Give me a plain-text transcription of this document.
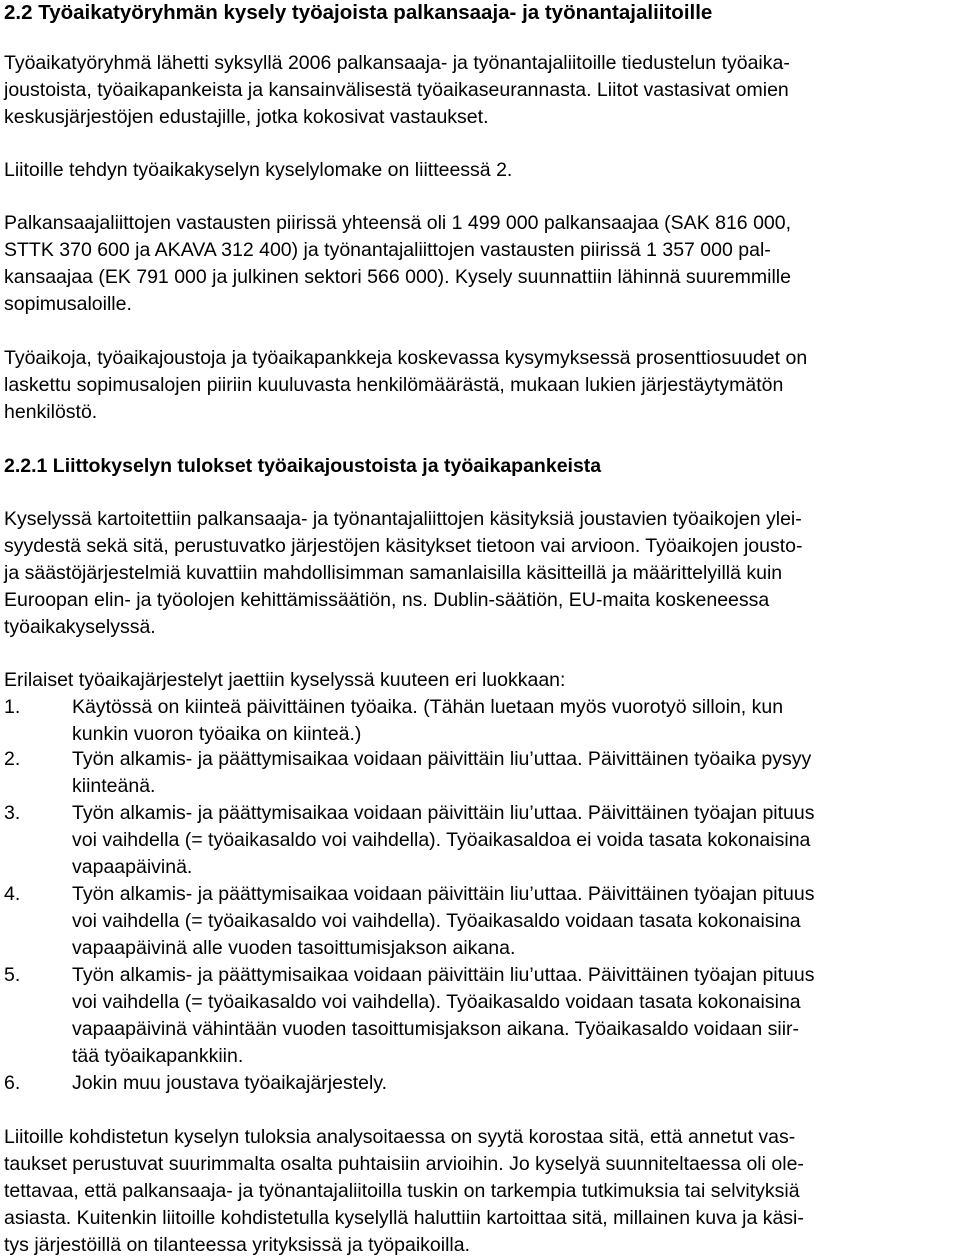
2.2 Työaikatyöryhmän kysely työajoista palkansaaja- ja työnantajaliitoille
Työaikatyöryhmä lähetti syksyllä 2006 palkansaaja- ja työnantajaliitoille tiedustelun työaika-
joustoista, työaikapankeista ja kansainvälisestä työaikaseurannasta. Liitot vastasivat omien
keskusjärjestöjen edustajille, jotka kokosivat vastaukset.
Liitoille tehdyn työaikakyselyn kyselylomake on liitteessä 2.
Palkansaajaliittojen vastausten piirissä yhteensä oli 1 499 000 palkansaajaa (SAK 816 000,
STTK 370 600 ja AKAVA 312 400) ja työnantajaliittojen vastausten piirissä 1 357 000 pal-
kansaajaa (EK 791 000 ja julkinen sektori 566 000). Kysely suunnattiin lähinnä suuremmille
sopimusaloille.
Työaikoja, työaikajoustoja ja työaikapankkeja koskevassa kysymyksessä prosenttiosuudet on
laskettu sopimusalojen piiriin kuuluvasta henkilömäärästä, mukaan lukien järjestäytymätön
henkilöstö.
2.2.1 Liittokyselyn tulokset työaikajoustoista ja työaikapankeista
Kyselyssä kartoitettiin palkansaaja- ja työnantajaliittojen käsityksiä joustavien työaikojen ylei-
syydestä sekä sitä, perustuvatko järjestöjen käsitykset tietoon vai arvioon. Työaikojen jousto-
ja säästöjärjestelmiä kuvattiin mahdollisimman samanlaisilla käsitteillä ja määrittelyillä kuin
Euroopan elin- ja työolojen kehittämissäätiön, ns. Dublin-säätiön, EU-maita koskeneessa
työaikakyselyssä.
Erilaiset työaikajärjestelyt jaettiin kyselyssä kuuteen eri luokkaan:
1.	Käytössä on kiinteä päivittäinen työaika. (Tähän luetaan myös vuorotyö silloin, kun
kunkin vuoron työaika on kiinteä.)
2.	Työn alkamis- ja päättymisaikaa voidaan päivittäin liu’uttaa. Päivittäinen työaika pysyy
kiinteänä.
3.	Työn alkamis- ja päättymisaikaa voidaan päivittäin liu’uttaa. Päivittäinen työajan pituus
voi vaihdella (= työaikasaldo voi vaihdella). Työaikasaldoa ei voida tasata kokonaisina
vapaapäivinä.
4.	Työn alkamis- ja päättymisaikaa voidaan päivittäin liu’uttaa. Päivittäinen työajan pituus
voi vaihdella (= työaikasaldo voi vaihdella). Työaikasaldo voidaan tasata kokonaisina
vapaapäivinä alle vuoden tasoittumisjakson aikana.
5.	Työn alkamis- ja päättymisaikaa voidaan päivittäin liu’uttaa. Päivittäinen työajan pituus
voi vaihdella (= työaikasaldo voi vaihdella). Työaikasaldo voidaan tasata kokonaisina
vapaapäivinä vähintään vuoden tasoittumisjakson aikana. Työaikasaldo voidaan siir-
tää työaikapankkiin.
6.	Jokin muu joustava työaikajärjestely.
Liitoille kohdistetun kyselyn tuloksia analysoitaessa on syytä korostaa sitä, että annetut vas-
taukset perustuvat suurimmalta osalta puhtaisiin arvioihin. Jo kyselyä suunniteltaessa oli ole-
tettavaa, että palkansaaja- ja työnantajaliitoilla tuskin on tarkempia tutkimuksia tai selvityksiä
asiasta. Kuitenkin liitoille kohdistetulla kyselyllä haluttiin kartoittaa sitä, millainen kuva ja käsi-
tys järjestöillä on tilanteessa yrityksissä ja työpaikoilla.
